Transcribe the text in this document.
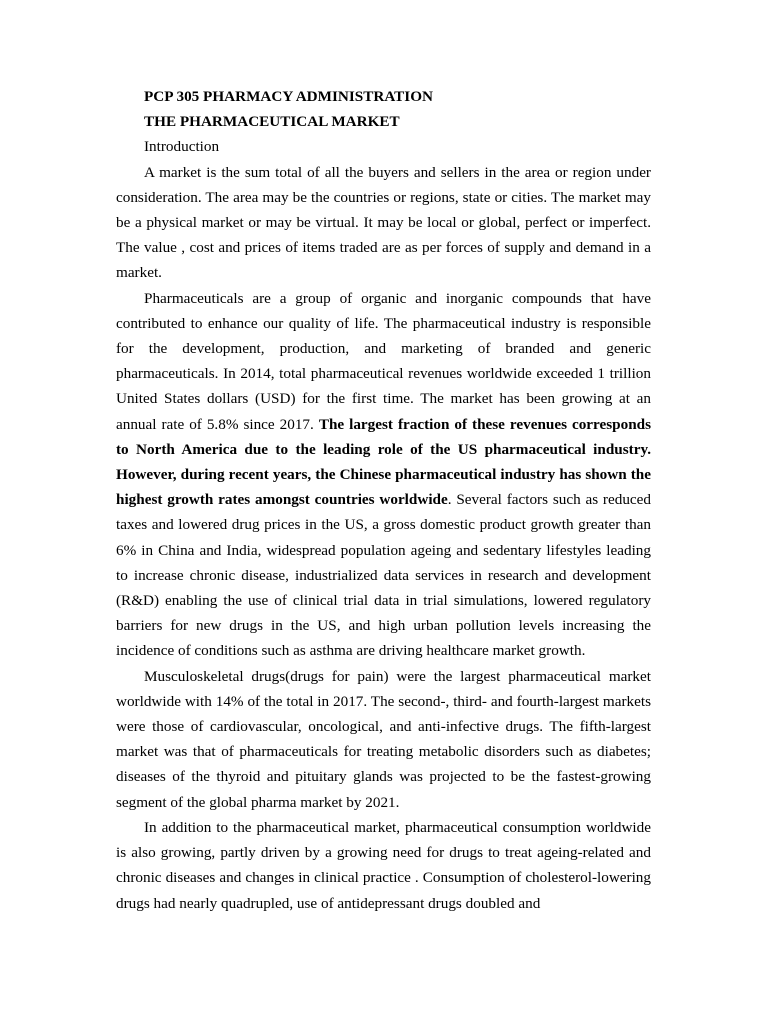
PCP 305 PHARMACY ADMINISTRATION

THE PHARMACEUTICAL MARKET

Introduction

A market is the sum total of all the buyers and sellers in the area or region under consideration. The area may be the countries or regions, state or cities. The market may be a physical market or may be virtual. It may be local or global, perfect or imperfect. The value , cost and prices of items traded are as per forces of supply and demand in a market.

Pharmaceuticals are a group of organic and inorganic compounds that have contributed to enhance our quality of life. The pharmaceutical industry is responsible for the development, production, and marketing of branded and generic pharmaceuticals. In 2014, total pharmaceutical revenues worldwide exceeded 1 trillion United States dollars (USD) for the first time. The market has been growing at an annual rate of 5.8% since 2017. The largest fraction of these revenues corresponds to North America due to the leading role of the US pharmaceutical industry. However, during recent years, the Chinese pharmaceutical industry has shown the highest growth rates amongst countries worldwide. Several factors such as reduced taxes and lowered drug prices in the US, a gross domestic product growth greater than 6% in China and India, widespread population ageing and sedentary lifestyles leading to increase chronic disease, industrialized data services in research and development (R&D) enabling the use of clinical trial data in trial simulations, lowered regulatory barriers for new drugs in the US, and high urban pollution levels increasing the incidence of conditions such as asthma are driving healthcare market growth.

Musculoskeletal drugs(drugs for pain) were the largest pharmaceutical market worldwide with 14% of the total in 2017. The second-, third- and fourth-largest markets were those of cardiovascular, oncological, and anti-infective drugs. The fifth-largest market was that of pharmaceuticals for treating metabolic disorders such as diabetes; diseases of the thyroid and pituitary glands was projected to be the fastest-growing segment of the global pharma market by 2021.

In addition to the pharmaceutical market, pharmaceutical consumption worldwide is also growing, partly driven by a growing need for drugs to treat ageing-related and chronic diseases and changes in clinical practice . Consumption of cholesterol-lowering drugs had nearly quadrupled, use of antidepressant drugs doubled and
